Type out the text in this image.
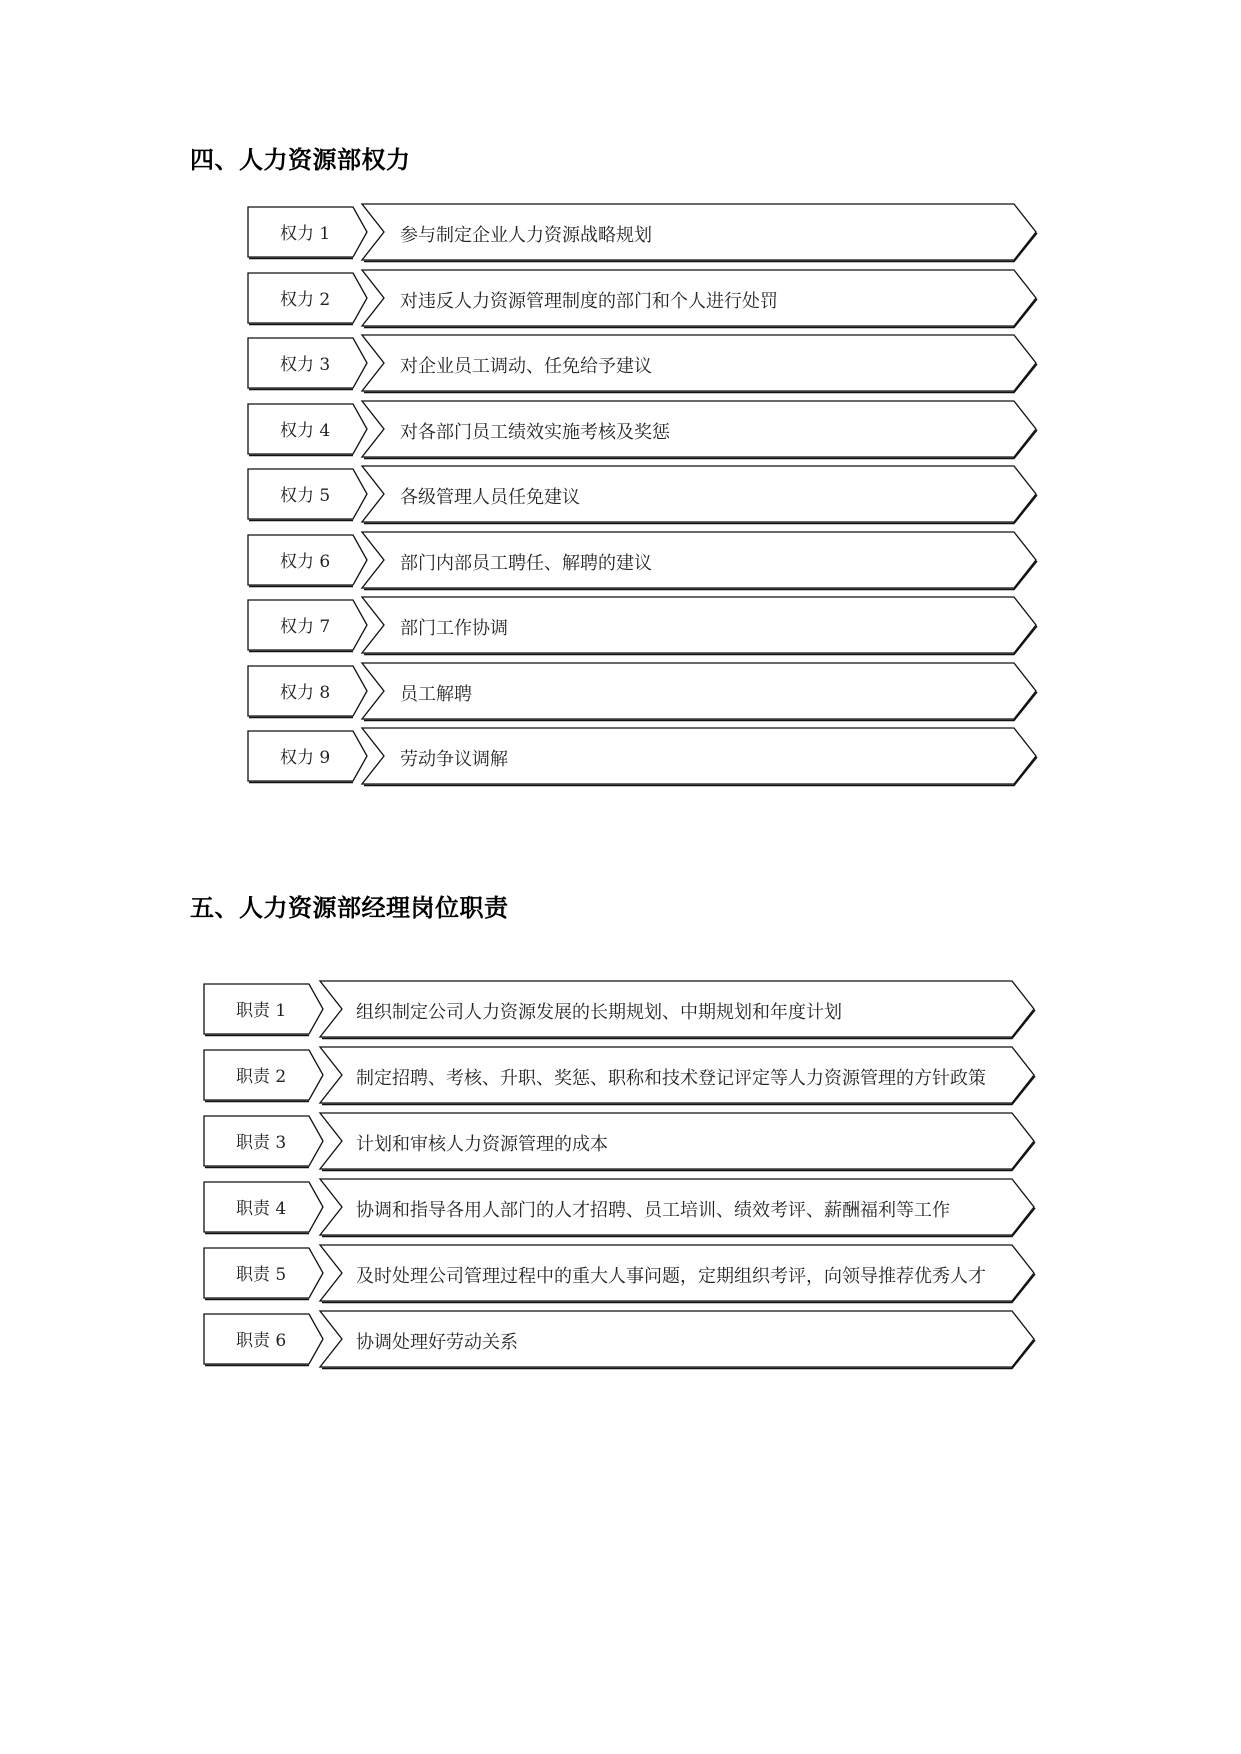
四、人力资源部权力
权力 1	参与制定企业人力资源战略规划
权力 2	对违反人力资源管理制度的部门和个人进行处罚
权力 3	对企业员工调动、任免给予建议
权力 4	对各部门员工绩效实施考核及奖惩
权力 5	各级管理人员任免建议
权力 6	部门内部员工聘任、解聘的建议
权力 7	部门工作协调
权力 8	员工解聘
权力 9	劳动争议调解
五、人力资源部经理岗位职责
职责 1	组织制定公司人力资源发展的长期规划、中期规划和年度计划
职责 2	制定招聘、考核、升职、奖惩、职称和技术登记评定等人力资源管理的方针政策
职责 3	计划和审核人力资源管理的成本
职责 4	协调和指导各用人部门的人才招聘、员工培训、绩效考评、薪酬福利等工作
职责 5	及时处理公司管理过程中的重大人事问题，定期组织考评，向领导推荐优秀人才
职责 6	协调处理好劳动关系
